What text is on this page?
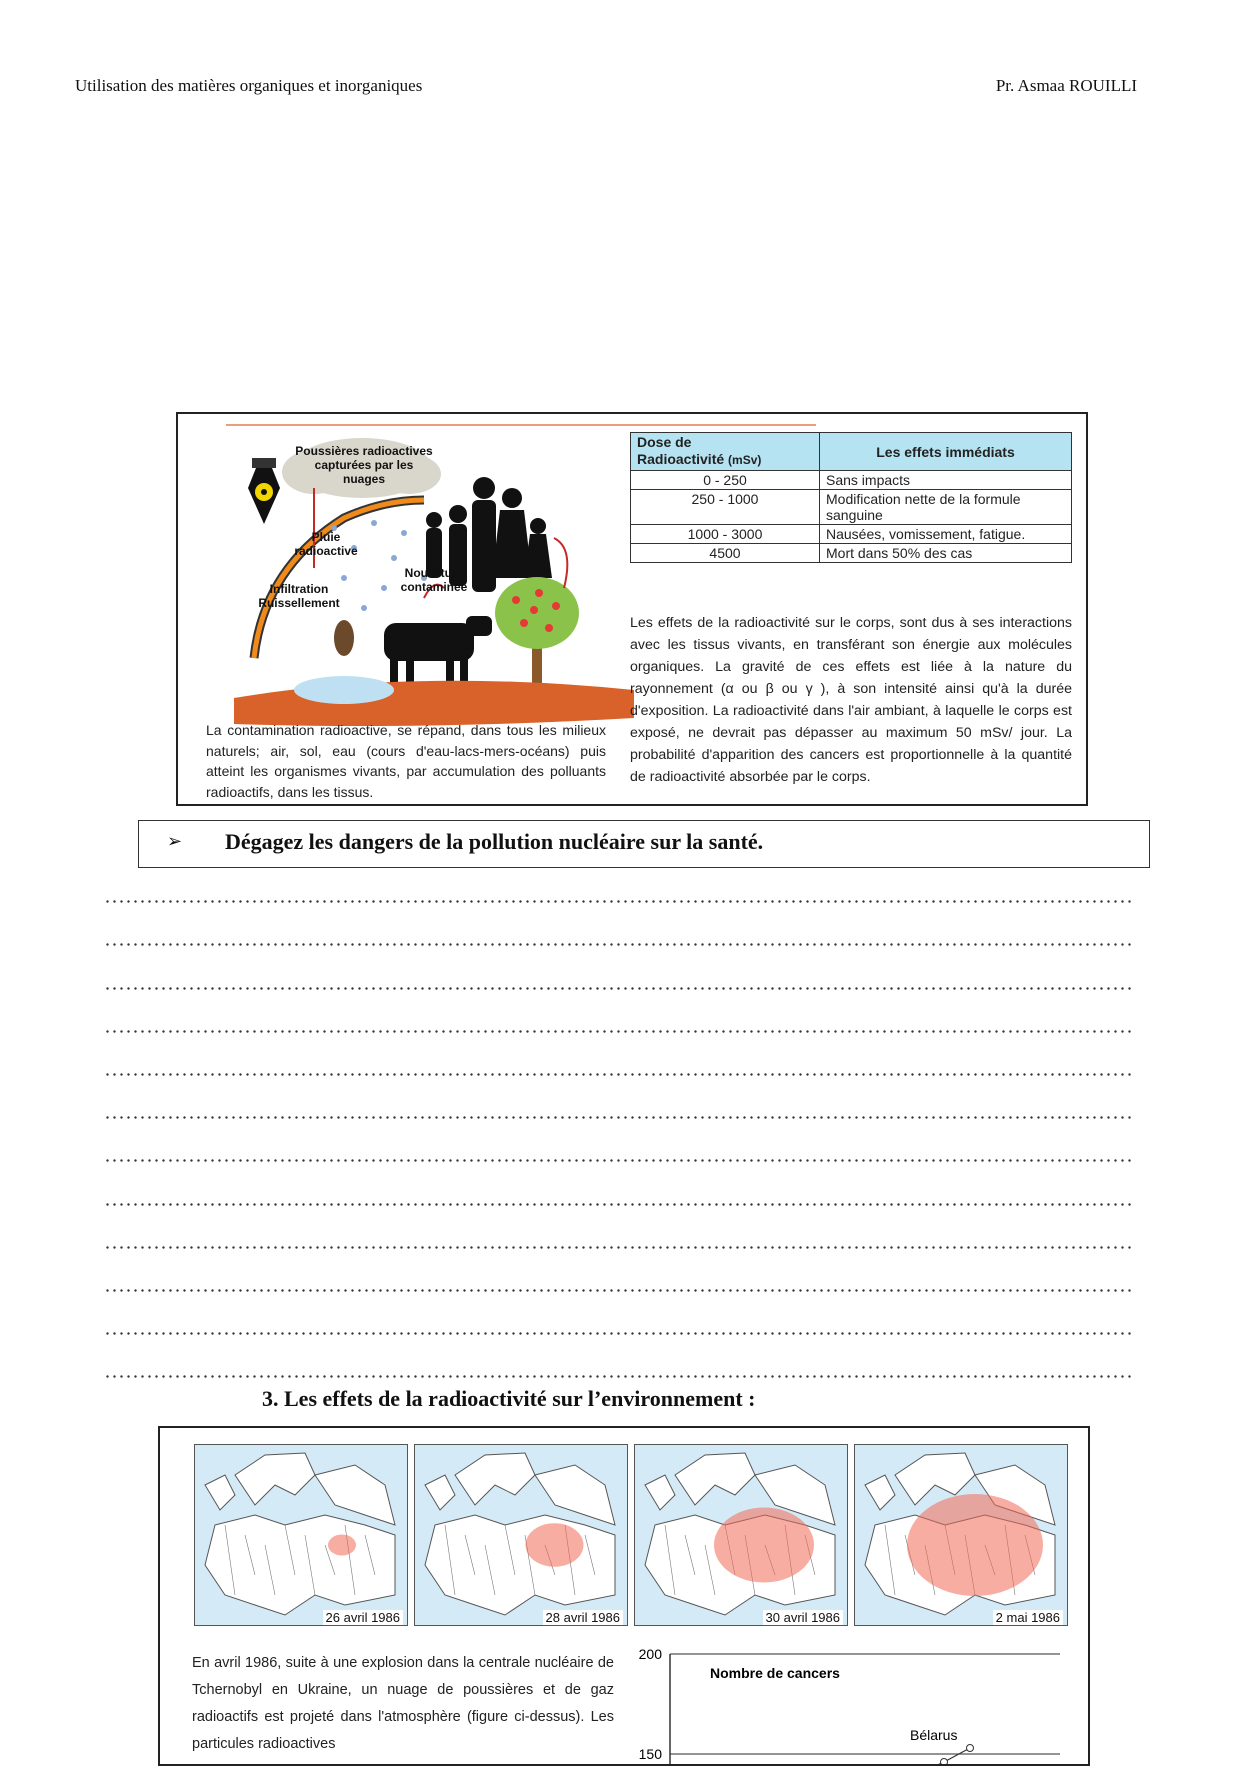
Utilisation des matières organiques et inorganiques	Pr. Asmaa ROUILLI
Poussières radioactives capturées par les nuages
Pluie radioactive
Infiltration Ruissellement
Nourriture contaminée
Irradiation par le sol
La contamination radioactive, se répand, dans tous les milieux naturels; air, sol, eau (cours d'eau-lacs-mers-océans) puis atteint les organismes vivants, par accumulation des polluants radioactifs, dans les tissus.
Dose de
Radioactivité (mSv)	Les effets immédiats
0 - 250	Sans impacts
250 - 1000	Modification nette de la formule sanguine
1000 - 3000	Nausées, vomissement, fatigue.
4500	Mort dans 50% des cas
Les effets de la radioactivité sur le corps, sont dus à ses interactions avec les tissus vivants, en transférant son énergie aux molécules organiques. La gravité de ces effets est liée à la nature du rayonnement (α ou β ou γ ), à son intensité ainsi qu'à la durée d'exposition. La radioactivité dans l'air ambiant, à laquelle le corps est exposé, ne devrait pas dépasser au maximum 50 mSv/ jour. La probabilité d'apparition des cancers est proportionnelle à la quantité de radioactivité absorbée par le corps.
➢ Dégagez les dangers de la pollution nucléaire sur la santé.
3. Les effets de la radioactivité sur l’environnement :
26 avril 1986	28 avril 1986	30 avril 1986	2 mai 1986
En avril 1986, suite à une explosion dans la centrale nucléaire de Tchernobyl en Ukraine, un nuage de poussières et de gaz radioactifs est projeté dans l'atmosphère (figure ci-dessus). Les particules radioactives
200
150
Nombre de cancers
Bélarus
